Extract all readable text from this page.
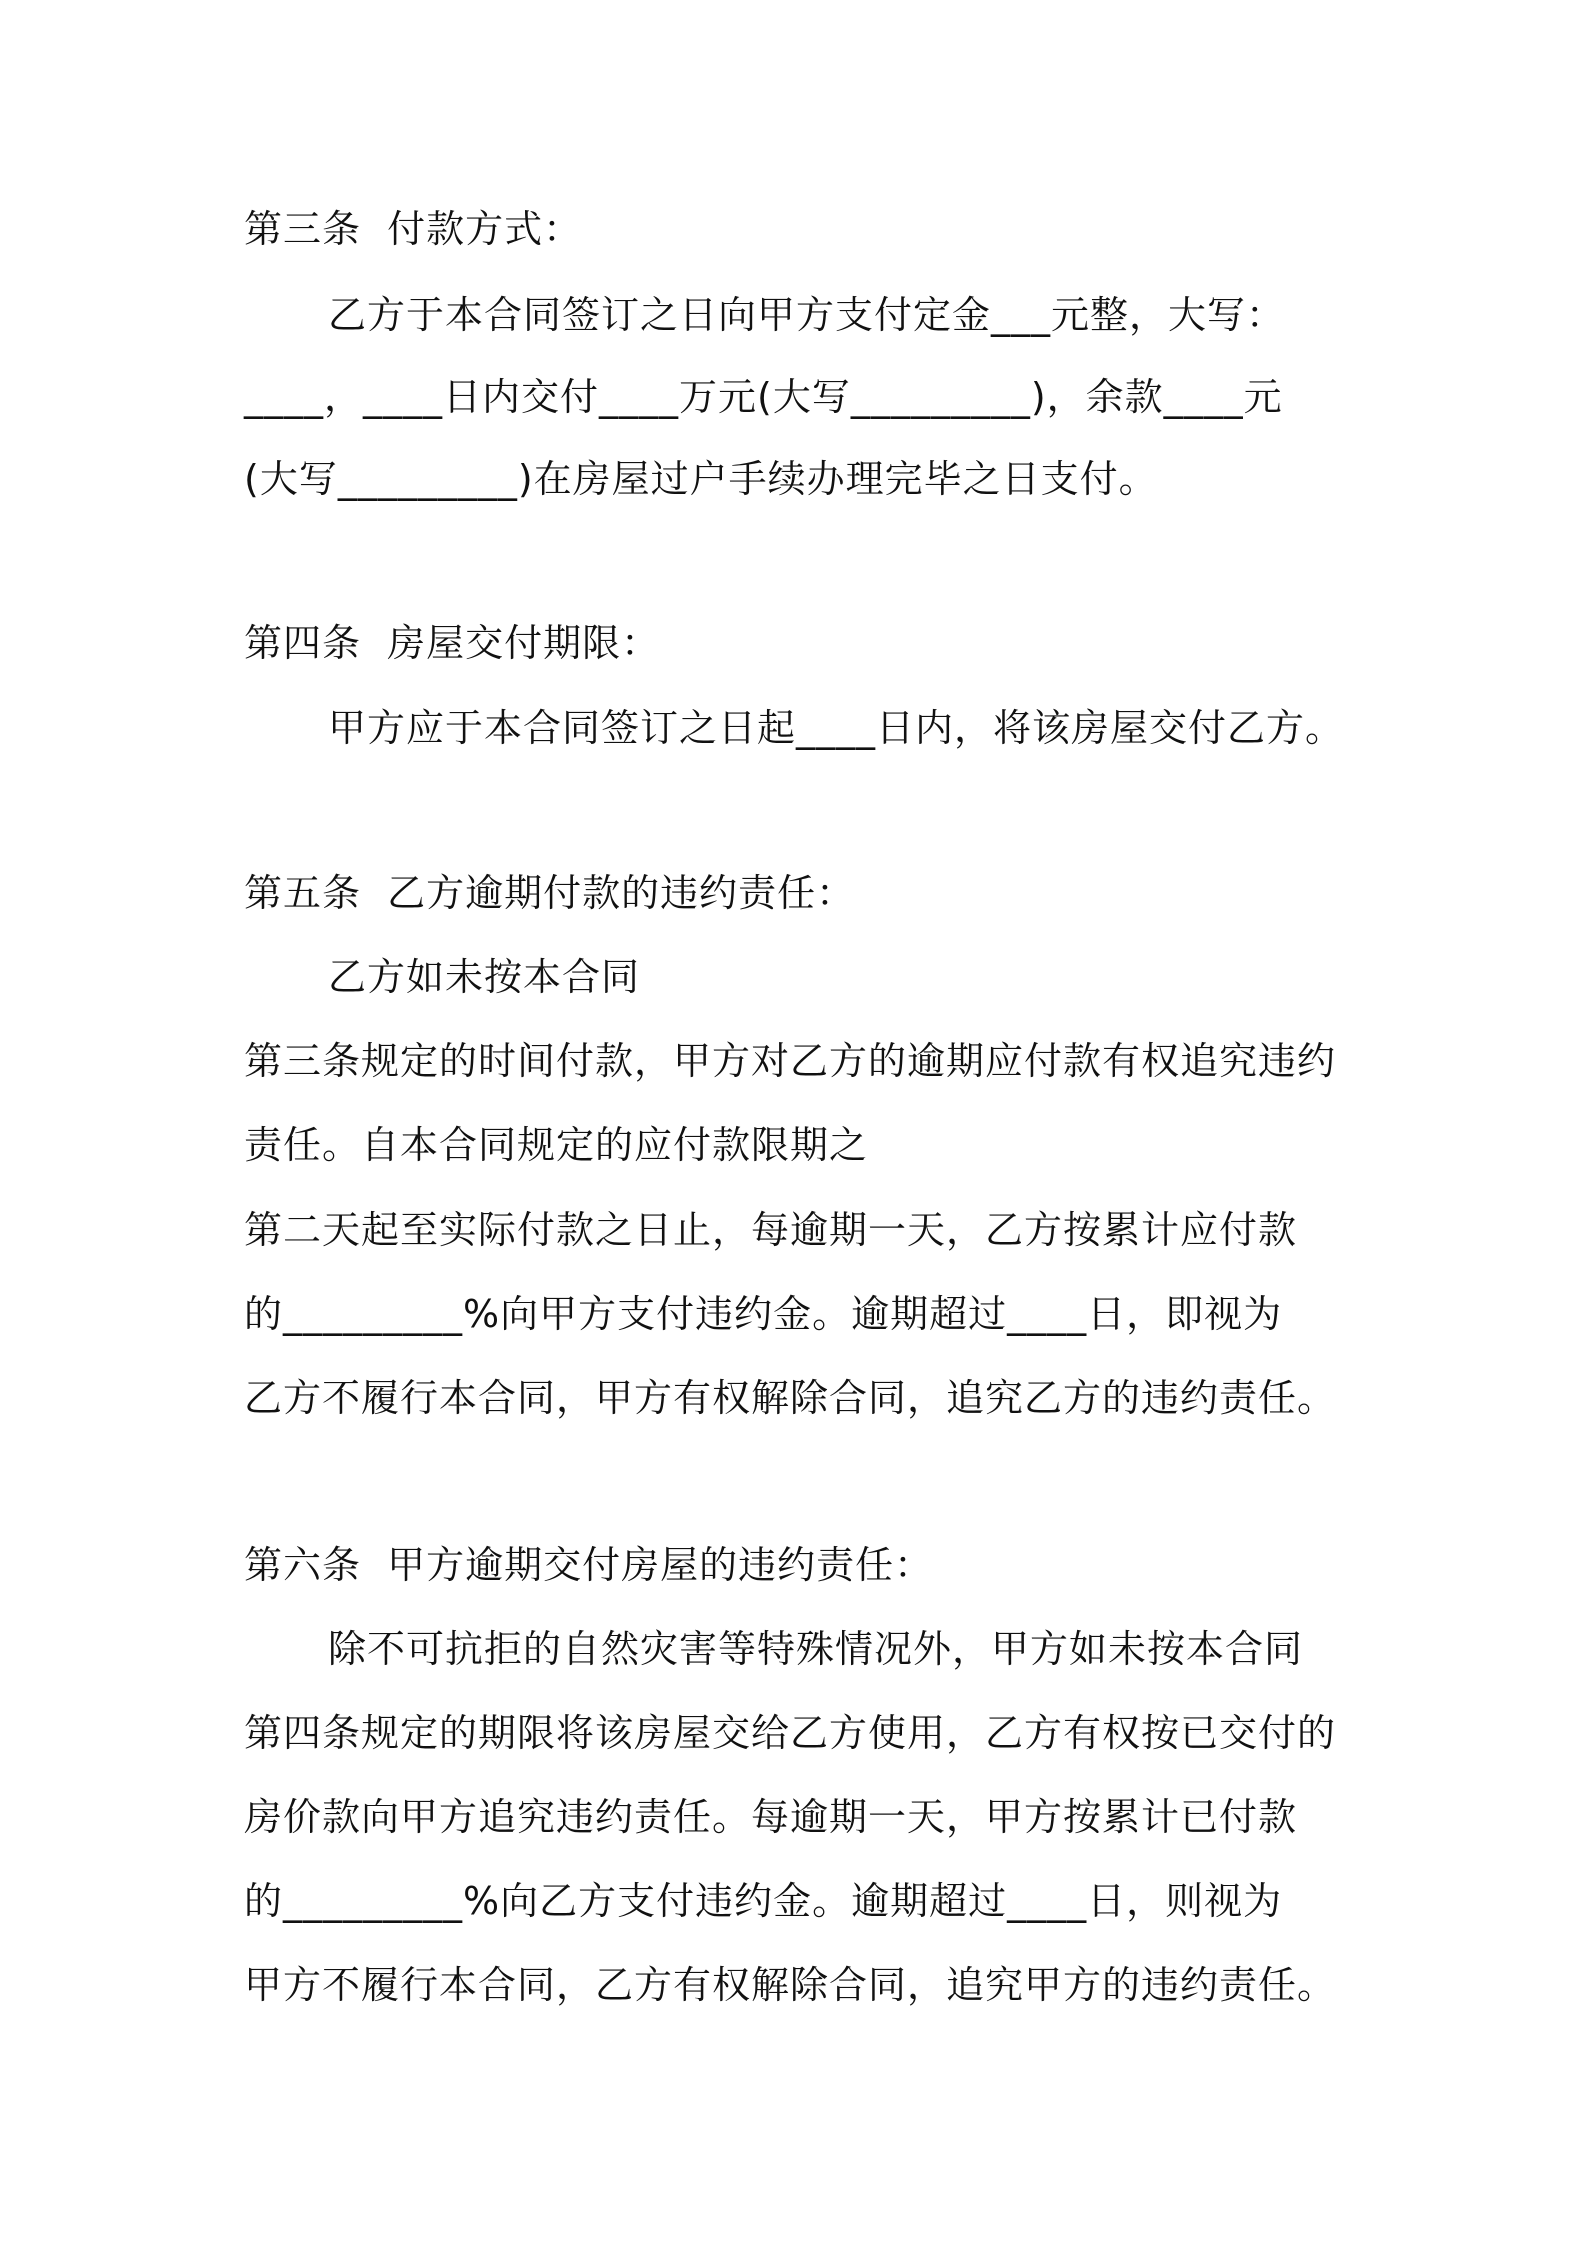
第三条  付款方式：
乙方于本合同签订之日向甲方支付定金___元整，大写：
____，____日内交付____万元(大写_________)，余款____元
(大写_________)在房屋过户手续办理完毕之日支付。
第四条  房屋交付期限：
甲方应于本合同签订之日起____日内，将该房屋交付乙方。
第五条  乙方逾期付款的违约责任：
乙方如未按本合同
第三条规定的时间付款，甲方对乙方的逾期应付款有权追究违约
责任。自本合同规定的应付款限期之
第二天起至实际付款之日止，每逾期一天，乙方按累计应付款
的_________%向甲方支付违约金。逾期超过____日，即视为
乙方不履行本合同，甲方有权解除合同，追究乙方的违约责任。
第六条  甲方逾期交付房屋的违约责任：
除不可抗拒的自然灾害等特殊情况外，甲方如未按本合同
第四条规定的期限将该房屋交给乙方使用，乙方有权按已交付的
房价款向甲方追究违约责任。每逾期一天，甲方按累计已付款
的_________%向乙方支付违约金。逾期超过____日，则视为
甲方不履行本合同，乙方有权解除合同，追究甲方的违约责任。
